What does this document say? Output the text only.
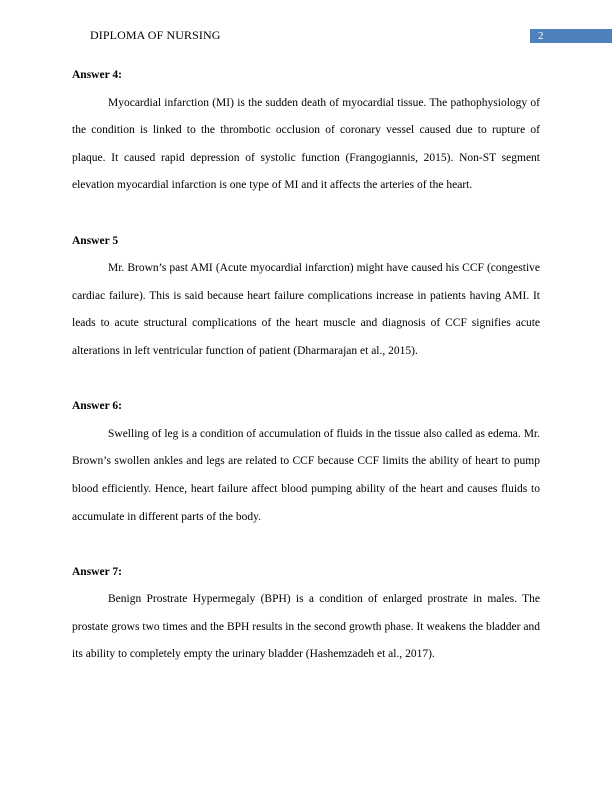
DIPLOMA OF NURSING	2

Answer 4:

Myocardial infarction (MI) is the sudden death of myocardial tissue. The pathophysiology of the condition is linked to the thrombotic occlusion of coronary vessel caused due to rupture of plaque. It caused rapid depression of systolic function (Frangogiannis, 2015). Non-ST segment elevation myocardial infarction is one type of MI and it affects the arteries of the heart.

Answer 5

Mr. Brown’s past AMI (Acute myocardial infarction) might have caused his CCF (congestive cardiac failure). This is said because heart failure complications increase in patients having AMI. It leads to acute structural complications of the heart muscle and diagnosis of CCF signifies acute alterations in left ventricular function of patient (Dharmarajan et al., 2015).

Answer 6:

Swelling of leg is a condition of accumulation of fluids in the tissue also called as edema. Mr. Brown’s swollen ankles and legs are related to CCF because CCF limits the ability of heart to pump blood efficiently. Hence, heart failure affect blood pumping ability of the heart and causes fluids to accumulate in different parts of the body.

Answer 7:

Benign Prostrate Hypermegaly (BPH) is a condition of enlarged prostrate in males. The prostate grows two times and the BPH results in the second growth phase. It weakens the bladder and its ability to completely empty the urinary bladder (Hashemzadeh et al., 2017).
